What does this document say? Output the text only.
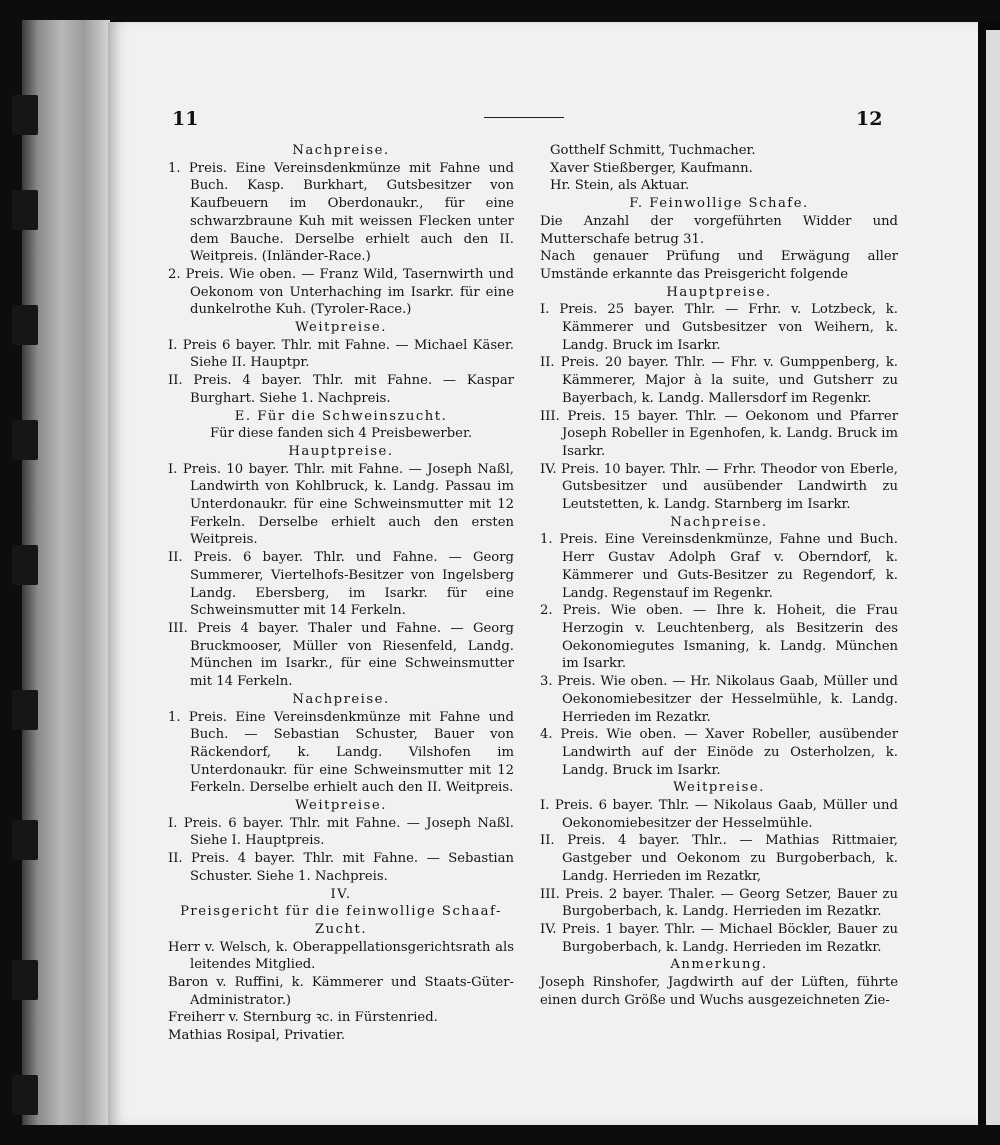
11	12

Nachpreise.

1. Preis. Eine Vereinsdenkmünze mit Fahne und Buch. Kasp. Burkhart, Gutsbesitzer von Kaufbeuern im Oberdonaukr., für eine schwarzbraune Kuh mit weissen Flecken unter dem Bauche. Derselbe erhielt auch den II. Weitpreis. (Inländer-Race.)

2. Preis. Wie oben. — Franz Wild, Tasernwirth und Oekonom von Unterhaching im Isarkr. für eine dunkelrothe Kuh. (Tyroler-Race.)

Weitpreise.

I. Preis 6 bayer. Thlr. mit Fahne. — Michael Käser. Siehe II. Hauptpr.

II. Preis. 4 bayer. Thlr. mit Fahne. — Kaspar Burghart. Siehe 1. Nachpreis.

E. Für die Schweinszucht.

Für diese fanden sich 4 Preisbewerber.

Hauptpreise.

I. Preis. 10 bayer. Thlr. mit Fahne. — Joseph Naßl, Landwirth von Kohlbruck, k. Landg. Passau im Unterdonaukr. für eine Schweinsmutter mit 12 Ferkeln. Derselbe erhielt auch den ersten Weitpreis.

II. Preis. 6 bayer. Thlr. und Fahne. — Georg Summerer, Viertelhofs-Besitzer von Ingelsberg Landg. Ebersberg, im Isarkr. für eine Schweinsmutter mit 14 Ferkeln.

III. Preis 4 bayer. Thaler und Fahne. — Georg Bruckmooser, Müller von Riesenfeld, Landg. München im Isarkr., für eine Schweinsmutter mit 14 Ferkeln.

Nachpreise.

1. Preis. Eine Vereinsdenkmünze mit Fahne und Buch. — Sebastian Schuster, Bauer von Räckendorf, k. Landg. Vilshofen im Unterdonaukr. für eine Schweinsmutter mit 12 Ferkeln. Derselbe erhielt auch den II. Weitpreis.

Weitpreise.

I. Preis. 6 bayer. Thlr. mit Fahne. — Joseph Naßl. Siehe I. Hauptpreis.

II. Preis. 4 bayer. Thlr. mit Fahne. — Sebastian Schuster. Siehe 1. Nachpreis.

IV.

Preisgericht für die feinwollige Schaaf-Zucht.

Herr v. Welsch, k. Oberappellationsgerichtsrath als leitendes Mitglied.

Baron v. Ruffini, k. Kämmerer und Staats-Güter-Administrator.)

Freiherr v. Sternburg ꝛc. in Fürstenried.

Mathias Rosipal, Privatier.

Gotthelf Schmitt, Tuchmacher.

Xaver Stießberger, Kaufmann.

Hr. Stein, als Aktuar.

F. Feinwollige Schafe.

Die Anzahl der vorgeführten Widder und Mutterschafe betrug 31.

Nach genauer Prüfung und Erwägung aller Umstände erkannte das Preisgericht folgende

Hauptpreise.

I. Preis. 25 bayer. Thlr. — Frhr. v. Lotzbeck, k. Kämmerer und Gutsbesitzer von Weihern, k. Landg. Bruck im Isarkr.

II. Preis. 20 bayer. Thlr. — Fhr. v. Gumppenberg, k. Kämmerer, Major à la suite, und Gutsherr zu Bayerbach, k. Landg. Mallersdorf im Regenkr.

III. Preis. 15 bayer. Thlr. — Oekonom und Pfarrer Joseph Robeller in Egenhofen, k. Landg. Bruck im Isarkr.

IV. Preis. 10 bayer. Thlr. — Frhr. Theodor von Eberle, Gutsbesitzer und ausübender Landwirth zu Leutstetten, k. Landg. Starnberg im Isarkr.

Nachpreise.

1. Preis. Eine Vereinsdenkmünze, Fahne und Buch. Herr Gustav Adolph Graf v. Oberndorf, k. Kämmerer und Guts-Besitzer zu Regendorf, k. Landg. Regenstauf im Regenkr.

2. Preis. Wie oben. — Ihre k. Hoheit, die Frau Herzogin v. Leuchtenberg, als Besitzerin des Oekonomiegutes Ismaning, k. Landg. München im Isarkr.

3. Preis. Wie oben. — Hr. Nikolaus Gaab, Müller und Oekonomiebesitzer der Hesselmühle, k. Landg. Herrieden im Rezatkr.

4. Preis. Wie oben. — Xaver Robeller, ausübender Landwirth auf der Einöde zu Osterholzen, k. Landg. Bruck im Isarkr.

Weitpreise.

I. Preis. 6 bayer. Thlr. — Nikolaus Gaab, Müller und Oekonomiebesitzer der Hesselmühle.

II. Preis. 4 bayer. Thlr.. — Mathias Rittmaier, Gastgeber und Oekonom zu Burgoberbach, k. Landg. Herrieden im Rezatkr,

III. Preis. 2 bayer. Thaler. — Georg Setzer, Bauer zu Burgoberbach, k. Landg. Herrieden im Rezatkr.

IV. Preis. 1 bayer. Thlr. — Michael Böckler, Bauer zu Burgoberbach, k. Landg. Herrieden im Rezatkr.

Anmerkung.

Joseph Rinshofer, Jagdwirth auf der Lüften, führte einen durch Größe und Wuchs ausgezeichneten Zie-
